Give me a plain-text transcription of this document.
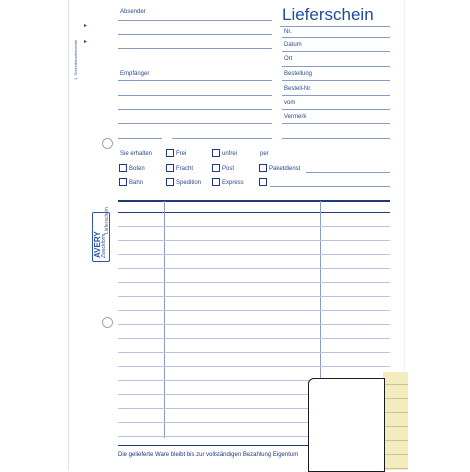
1. Schreibmarkenende
▸
▸
Absender	Lieferschein
Nr.
Datum
Ort
Bestellung
Bestell-Nr.
vom
Vermerk
Empfänger
Sie erhalten	Frei	unfrei	per
Boten	Fracht	Post	Paketdienst
Bahn	Spedition	Express
AVERY Zweckform
Lieferschein
Die gelieferte Ware bleibt bis zur vollständigen Bezahlung Eigentum
